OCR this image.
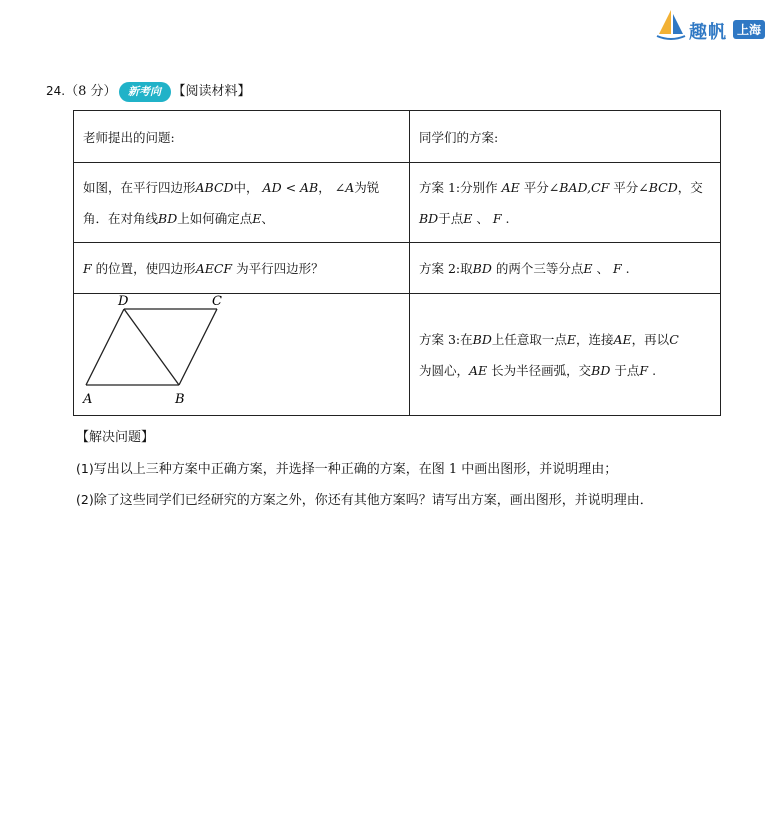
趣帆 上海
24.（8 分） 新考向 【阅读材料】
老师提出的问题:	同学们的方案:
如图，在平行四边形ABCD中， AD < AB， ∠A为锐
角．在对角线BD上如何确定点E、	方案 1:分别作 AE 平分∠BAD,CF 平分∠BCD，交
BD于点E 、 F .
F 的位置，使四边形AECF 为平行四边形？	方案 2:取BD 的两个三等分点E 、 F .

D C
A B	方案 3:在BD上任意取一点E，连接AE，再以C
为圆心，AE 长为半径画弧，交BD 于点F .
【解决问题】
(1)写出以上三种方案中正确方案，并选择一种正确的方案，在图 1 中画出图形，并说明理由；
(2)除了这些同学们已经研究的方案之外，你还有其他方案吗？请写出方案，画出图形，并说明理由．
